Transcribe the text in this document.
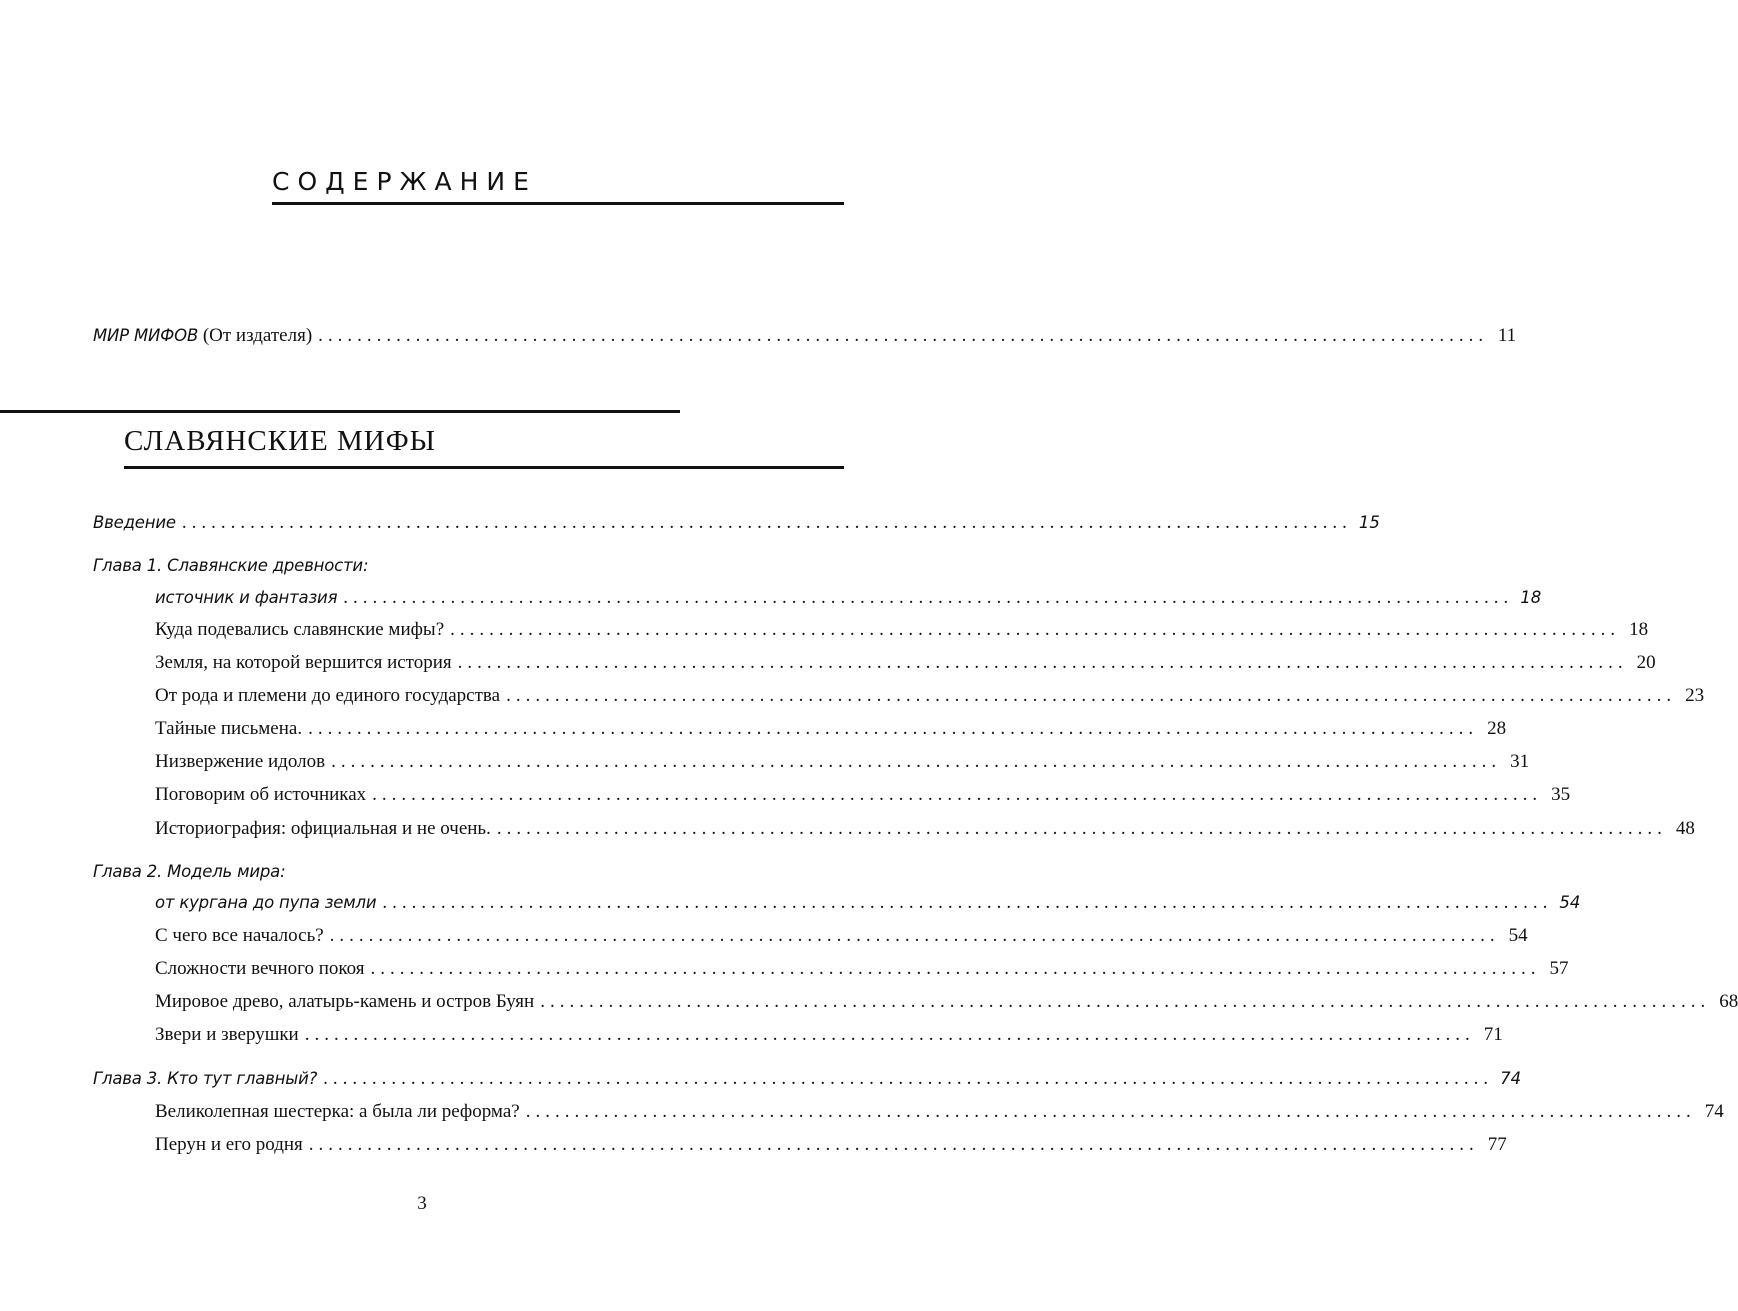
СОДЕРЖАНИЕ
МИР МИФОВ (От издателя) ........................................................................................................................ 11
СЛАВЯНСКИЕ МИФЫ
Введение ........................................................................................................................ 15
Глава 1. Славянские древности:
источник и фантазия ........................................................................................................................ 18
Куда подевались славянские мифы? ........................................................................................................................ 18
Земля, на которой вершится история ........................................................................................................................ 20
От рода и племени до единого государства ........................................................................................................................ 23
Тайные письмена. ........................................................................................................................ 28
Низвержение идолов ........................................................................................................................ 31
Поговорим об источниках ........................................................................................................................ 35
Историография: официальная и не очень. ........................................................................................................................ 48
Глава 2. Модель мира:
от кургана до пупа земли ........................................................................................................................ 54
С чего все началось? ........................................................................................................................ 54
Сложности вечного покоя ........................................................................................................................ 57
Мировое древо, алатырь-камень и остров Буян ........................................................................................................................ 68
Звери и зверушки ........................................................................................................................ 71
Глава 3. Кто тут главный? ........................................................................................................................ 74
Великолепная шестерка: а была ли реформа? ........................................................................................................................ 74
Перун и его родня ........................................................................................................................ 77
3
